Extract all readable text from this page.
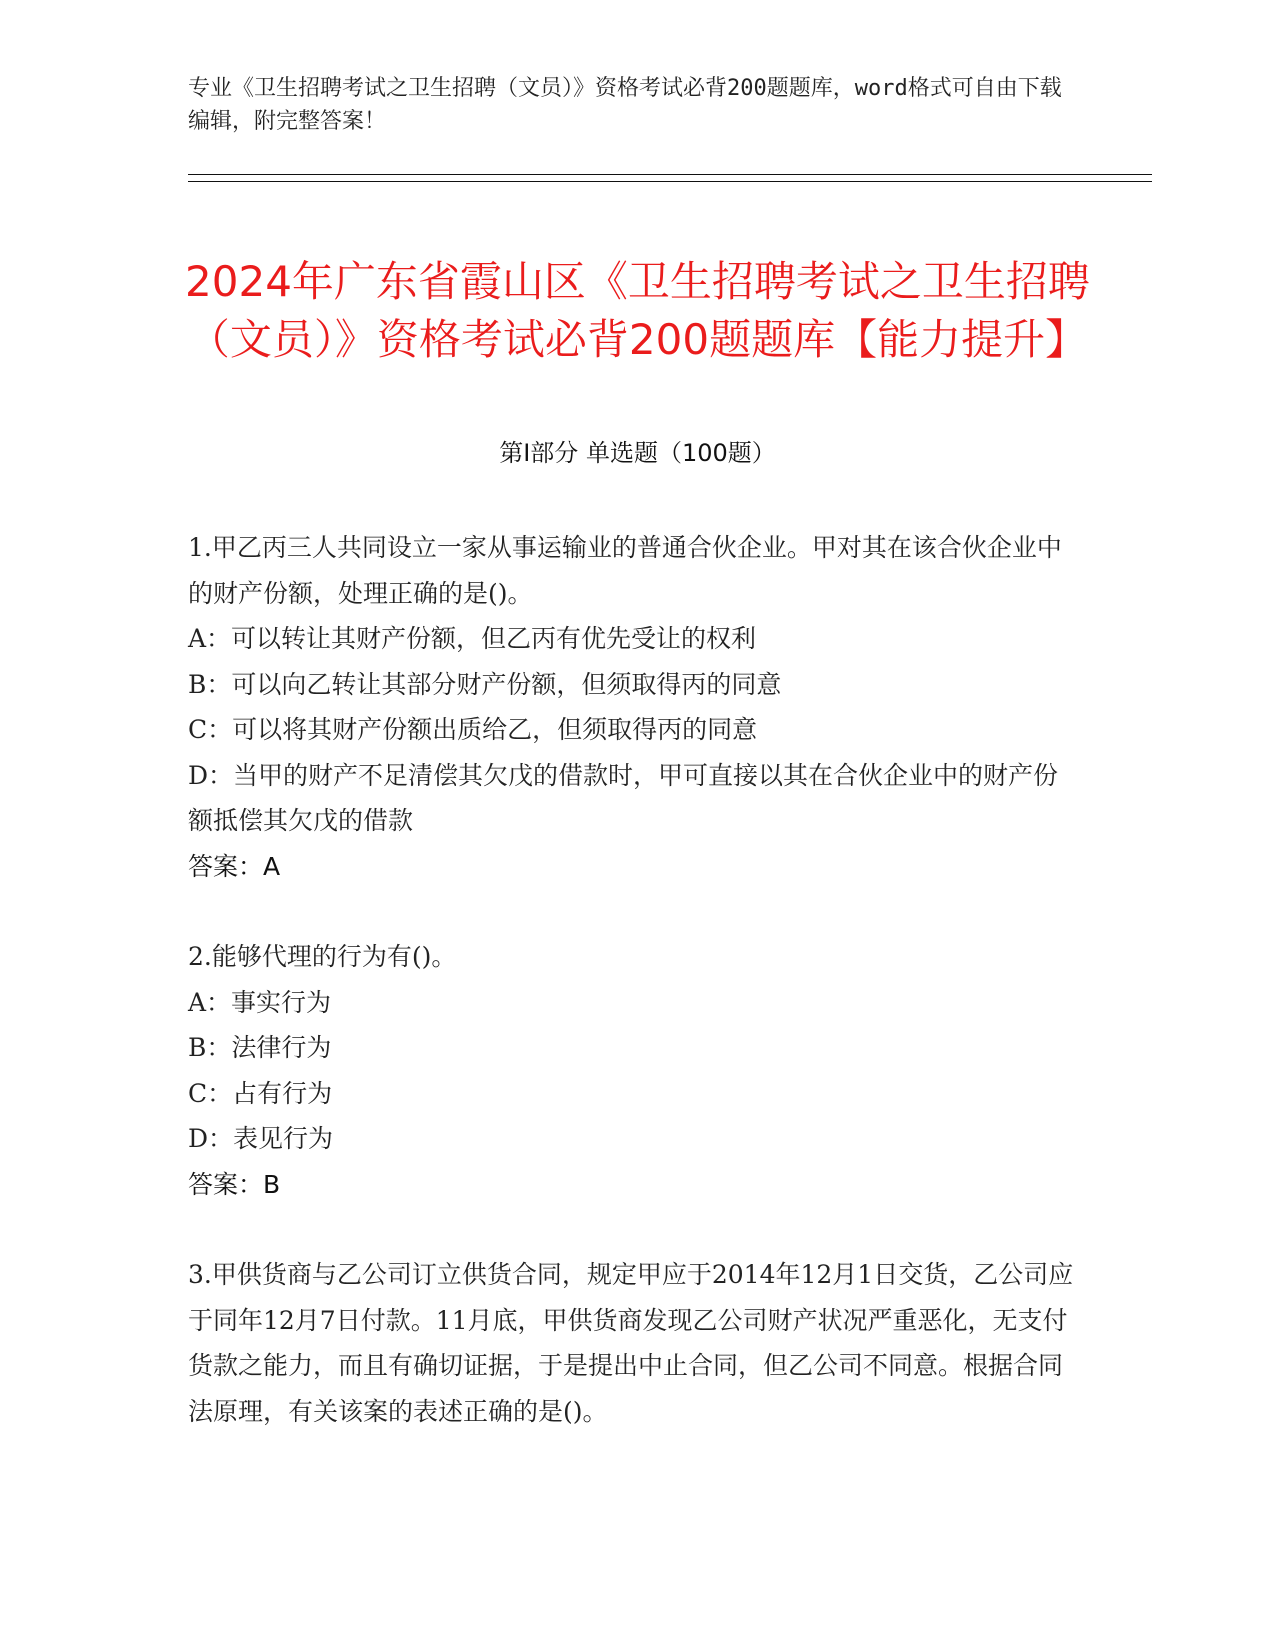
专业《卫生招聘考试之卫生招聘（文员）》资格考试必背200题题库，word格式可自由下载编辑，附完整答案！
2024年广东省霞山区《卫生招聘考试之卫生招聘（文员）》资格考试必背200题题库【能力提升】
第Ⅰ部分 单选题（100题）
1.甲乙丙三人共同设立一家从事运输业的普通合伙企业。甲对其在该合伙企业中的财产份额，处理正确的是()。
A：可以转让其财产份额，但乙丙有优先受让的权利
B：可以向乙转让其部分财产份额，但须取得丙的同意
C：可以将其财产份额出质给乙，但须取得丙的同意
D：当甲的财产不足清偿其欠戊的借款时，甲可直接以其在合伙企业中的财产份额抵偿其欠戊的借款
答案：A
2.能够代理的行为有()。
A：事实行为
B：法律行为
C：占有行为
D：表见行为
答案：B
3.甲供货商与乙公司订立供货合同，规定甲应于2014年12月1日交货，乙公司应于同年12月7日付款。11月底，甲供货商发现乙公司财产状况严重恶化，无支付货款之能力，而且有确切证据，于是提出中止合同，但乙公司不同意。根据合同法原理，有关该案的表述正确的是()。
